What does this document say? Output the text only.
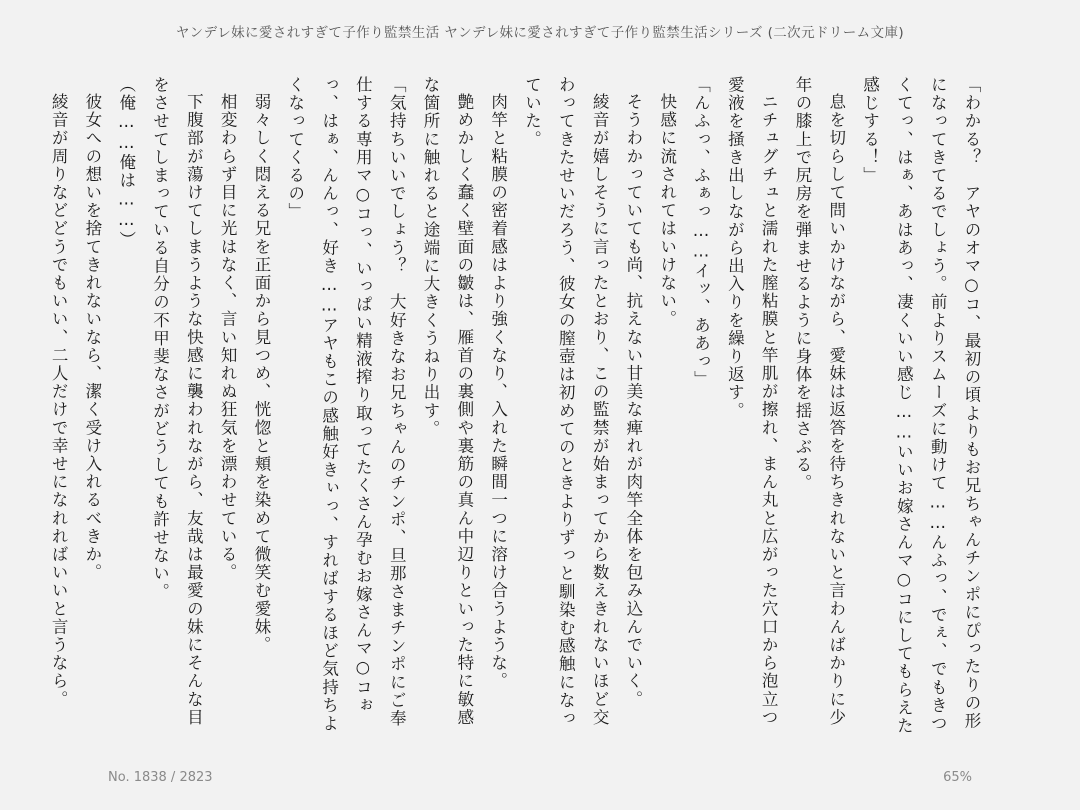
ヤンデレ妹に愛されすぎて子作り監禁生活 ヤンデレ妹に愛されすぎて子作り監禁生活シリーズ (二次元ドリーム文庫)

「わかる？　アヤのオマ○コ、最初の頃よりもお兄ちゃんチンポにぴったりの形になってきてるでしょう。前よりスムーズに動けて……んふっ、でぇ、でもきつくてっ、はぁ、あはあっ、凄くいい感じ……いいお嫁さんマ○コにしてもらえた感じする！」

息を切らして問いかけながら、愛妹は返答を待ちきれないと言わんばかりに少年の膝上で尻房を弾ませるように身体を揺さぶる。

ニチュグチュと濡れた膣粘膜と竿肌が擦れ、まん丸と広がった穴口から泡立つ愛液を掻き出しながら出入りを繰り返す。

「んふっ、ふぁっ……イッ、ああっ」

快感に流されてはいけない。

そうわかっていても尚、抗えない甘美な痺れが肉竿全体を包み込んでいく。

綾音が嬉しそうに言ったとおり、この監禁が始まってから数えきれないほど交わってきたせいだろう、彼女の膣壺は初めてのときよりずっと馴染む感触になっていた。

肉竿と粘膜の密着感はより強くなり、入れた瞬間一つに溶け合うような。

艶めかしく蠢く壁面の皺は、雁首の裏側や裏筋の真ん中辺りといった特に敏感な箇所に触れると途端に大きくうねり出す。

「気持ちいいでしょう？　大好きなお兄ちゃんのチンポ、旦那さまチンポにご奉仕する専用マ○コっ、いっぱい精液搾り取ってたくさん孕むお嫁さんマ○コぉっ、はぁ、んんっ、好き……アヤもこの感触好きぃっ、すればするほど気持ちよくなってくるの」

弱々しく悶える兄を正面から見つめ、恍惚と頬を染めて微笑む愛妹。

相変わらず目に光はなく、言い知れぬ狂気を漂わせている。

下腹部が蕩けてしまうような快感に襲われながら、友哉は最愛の妹にそんな目をさせてしまっている自分の不甲斐なさがどうしても許せない。

（俺……俺は……）

彼女への想いを捨てきれないなら、潔く受け入れるべきか。

綾音が周りなどどうでもいい、二人だけで幸せになれればいいと言うなら。

No. 1838 / 2823	65%
